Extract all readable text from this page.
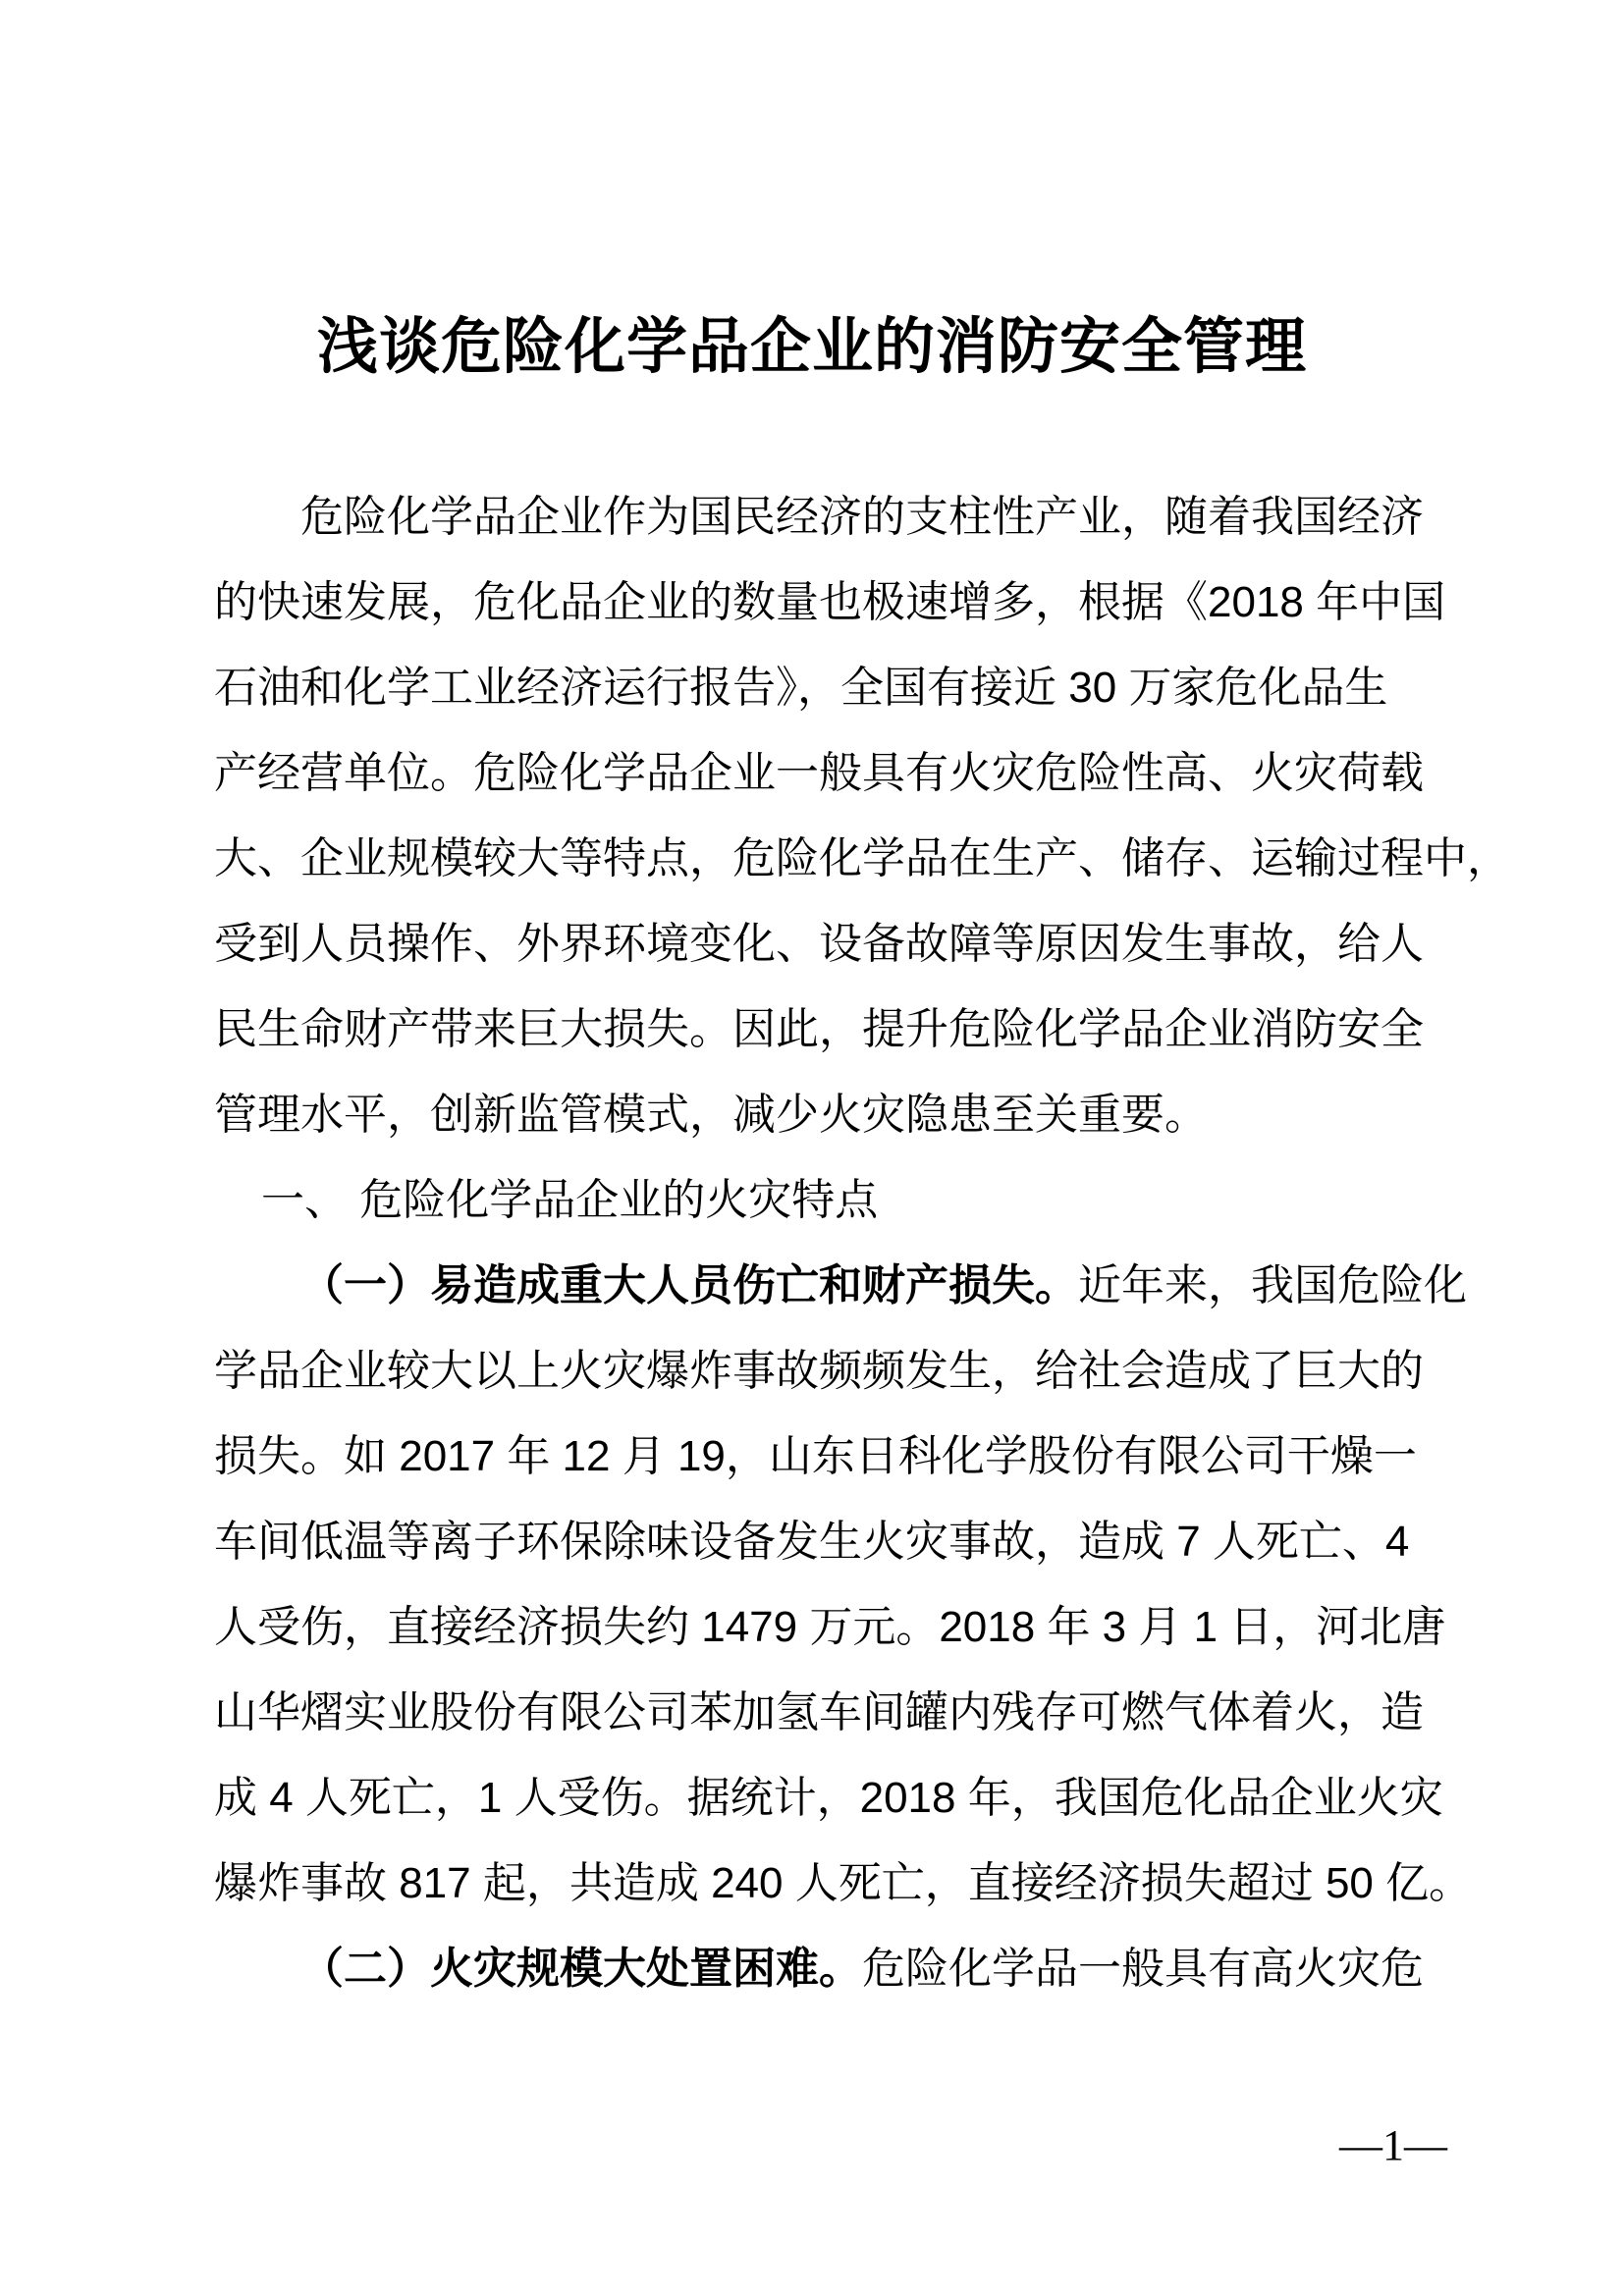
浅谈危险化学品企业的消防安全管理
危险化学品企业作为国民经济的支柱性产业，随着我国经济
的快速发展，危化品企业的数量也极速增多，根据《2018 年中国
石油和化学工业经济运行报告》，全国有接近 30 万家危化品生
产经营单位。危险化学品企业一般具有火灾危险性高、火灾荷载
大、企业规模较大等特点，危险化学品在生产、储存、运输过程中，
受到人员操作、外界环境变化、设备故障等原因发生事故，给人
民生命财产带来巨大损失。因此，提升危险化学品企业消防安全
管理水平，创新监管模式，减少火灾隐患至关重要。
一、 危险化学品企业的火灾特点
（一）易造成重大人员伤亡和财产损失。近年来，我国危险化
学品企业较大以上火灾爆炸事故频频发生，给社会造成了巨大的
损失。如 2017 年 12 月 19，山东日科化学股份有限公司干燥一
车间低温等离子环保除味设备发生火灾事故，造成 7 人死亡、4
人受伤，直接经济损失约 1479 万元。2018 年 3 月 1 日，河北唐
山华熠实业股份有限公司苯加氢车间罐内残存可燃气体着火，造
成 4 人死亡，1 人受伤。据统计，2018 年，我国危化品企业火灾
爆炸事故 817 起，共造成 240 人死亡，直接经济损失超过 50 亿。
（二）火灾规模大处置困难。危险化学品一般具有高火灾危
—1—
